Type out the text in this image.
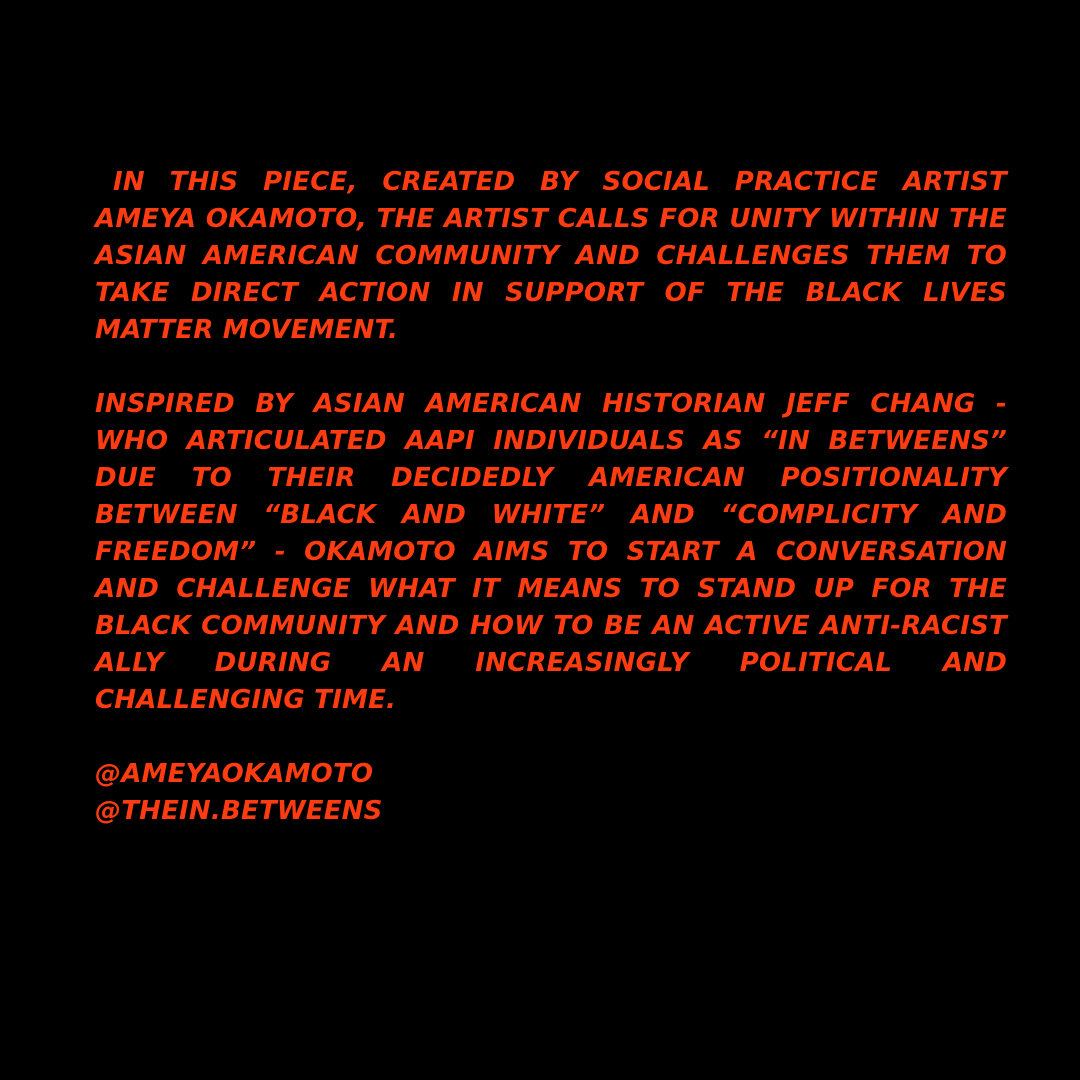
IN THIS PIECE, CREATED BY SOCIAL PRACTICE ARTIST AMEYA OKAMOTO, THE ARTIST CALLS FOR UNITY WITHIN THE ASIAN AMERICAN COMMUNITY AND CHALLENGES THEM TO TAKE DIRECT ACTION IN SUPPORT OF THE BLACK LIVES MATTER MOVEMENT.

INSPIRED BY ASIAN AMERICAN HISTORIAN JEFF CHANG - WHO ARTICULATED AAPI INDIVIDUALS AS “IN BETWEENS” DUE TO THEIR DECIDEDLY AMERICAN POSITIONALITY BETWEEN “BLACK AND WHITE” AND “COMPLICITY AND FREEDOM” - OKAMOTO AIMS TO START A CONVERSATION AND CHALLENGE WHAT IT MEANS TO STAND UP FOR THE BLACK COMMUNITY AND HOW TO BE AN ACTIVE ANTI-RACIST ALLY DURING AN INCREASINGLY POLITICAL AND CHALLENGING TIME.

@AMEYAOKAMOTO
@THEIN.BETWEENS
